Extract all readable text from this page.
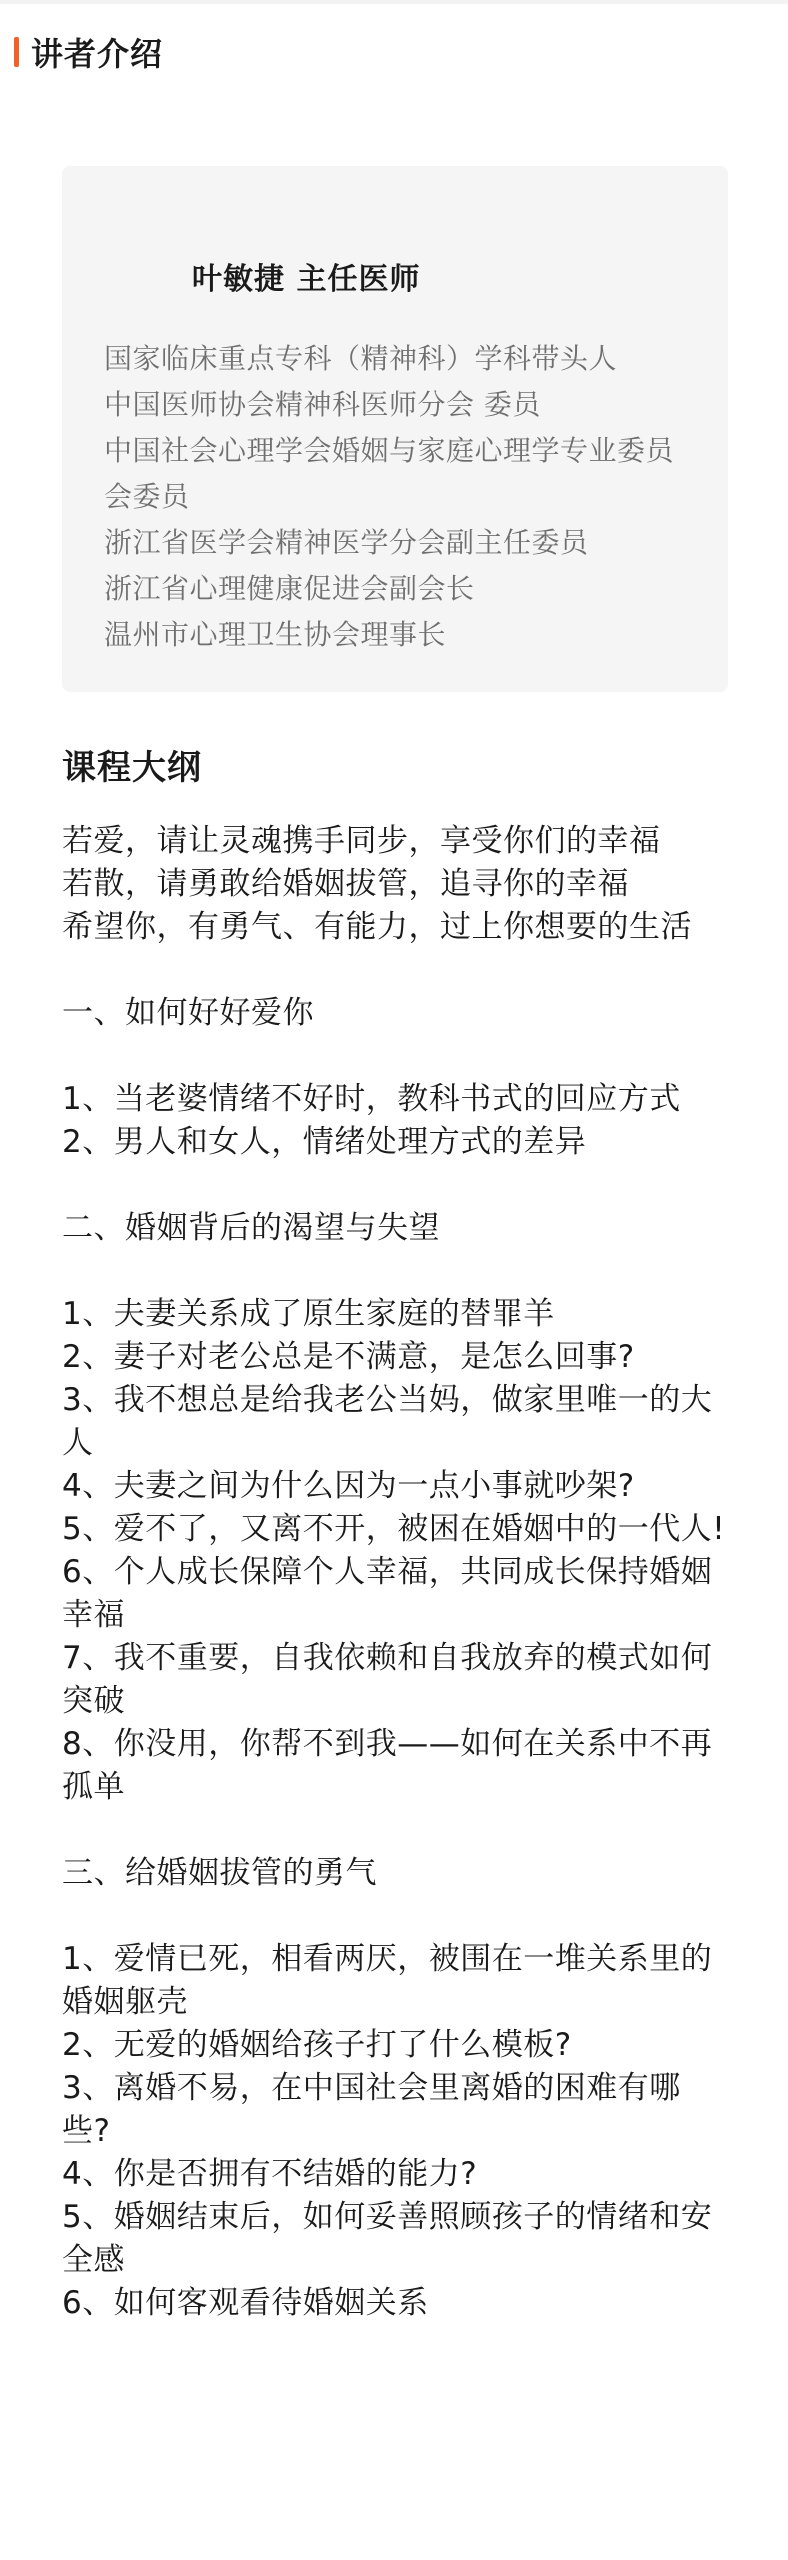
讲者介绍
叶敏捷 主任医师
国家临床重点专科（精神科）学科带头人
中国医师协会精神科医师分会 委员
中国社会心理学会婚姻与家庭心理学专业委员会委员
浙江省医学会精神医学分会副主任委员
浙江省心理健康促进会副会长
温州市心理卫生协会理事长
课程大纲
若爱，请让灵魂携手同步，享受你们的幸福
若散，请勇敢给婚姻拔管，追寻你的幸福
希望你，有勇气、有能力，过上你想要的生活
一、如何好好爱你
1、当老婆情绪不好时，教科书式的回应方式
2、男人和女人，情绪处理方式的差异
二、婚姻背后的渴望与失望
1、夫妻关系成了原生家庭的替罪羊
2、妻子对老公总是不满意，是怎么回事?
3、我不想总是给我老公当妈，做家里唯一的大人
4、夫妻之间为什么因为一点小事就吵架?
5、爱不了，又离不开，被困在婚姻中的一代人!
6、个人成长保障个人幸福，共同成长保持婚姻幸福
7、我不重要，自我依赖和自我放弃的模式如何突破
8、你没用，你帮不到我——如何在关系中不再孤单
三、给婚姻拔管的勇气
1、爱情已死，相看两厌，被围在一堆关系里的婚姻躯壳
2、无爱的婚姻给孩子打了什么模板?
3、离婚不易，在中国社会里离婚的困难有哪些?
4、你是否拥有不结婚的能力?
5、婚姻结束后，如何妥善照顾孩子的情绪和安全感
6、如何客观看待婚姻关系
